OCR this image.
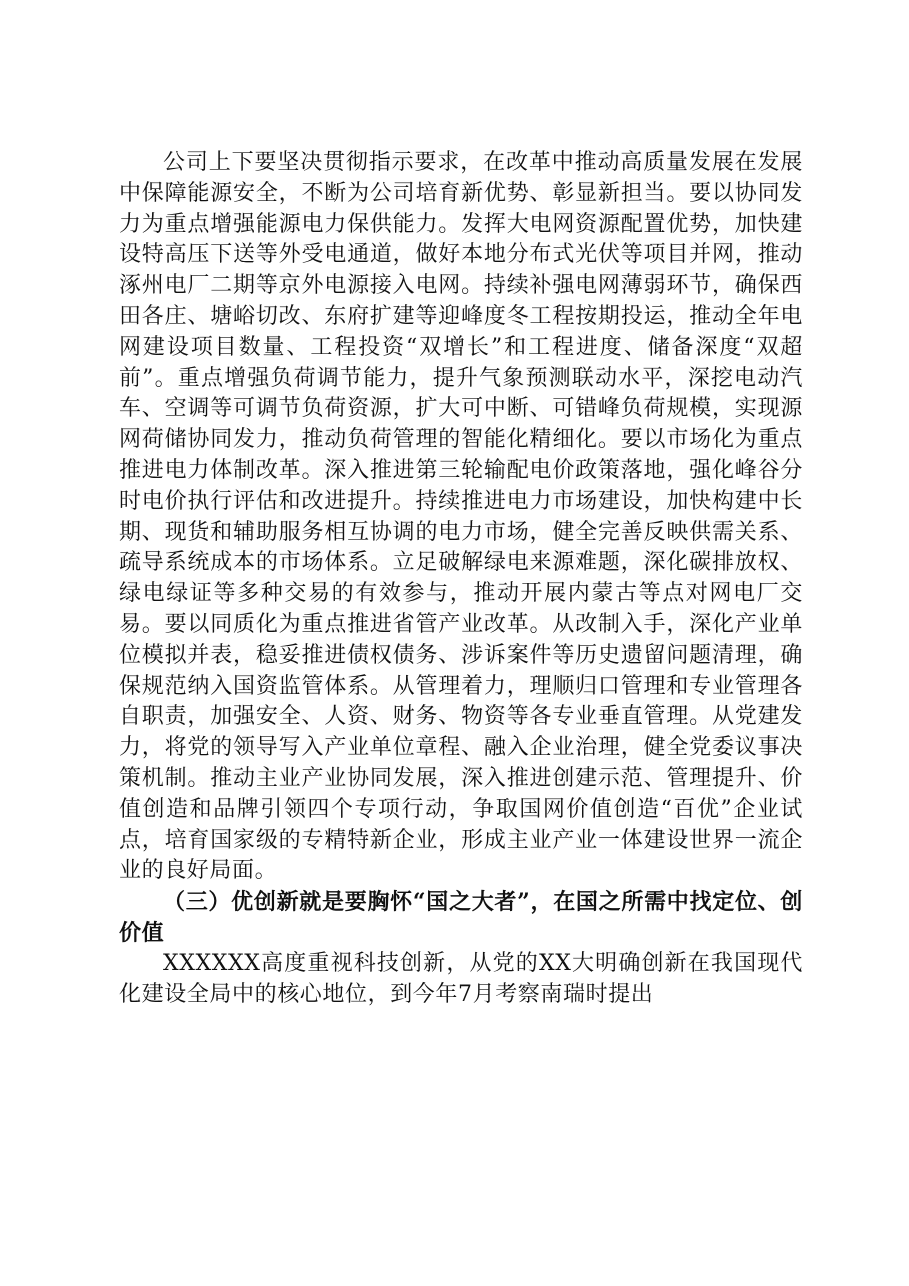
公司上下要坚决贯彻指示要求，在改革中推动高质量发展在发展中保障能源安全，不断为公司培育新优势、彰显新担当。要以协同发力为重点增强能源电力保供能力。发挥大电网资源配置优势，加快建设特高压下送等外受电通道，做好本地分布式光伏等项目并网，推动涿州电厂二期等京外电源接入电网。持续补强电网薄弱环节，确保西田各庄、塘峪切改、东府扩建等迎峰度冬工程按期投运，推动全年电网建设项目数量、工程投资“双增长”和工程进度、储备深度“双超前”。重点增强负荷调节能力，提升气象预测联动水平，深挖电动汽车、空调等可调节负荷资源，扩大可中断、可错峰负荷规模，实现源网荷储协同发力，推动负荷管理的智能化精细化。要以市场化为重点推进电力体制改革。深入推进第三轮输配电价政策落地，强化峰谷分时电价执行评估和改进提升。持续推进电力市场建设，加快构建中长期、现货和辅助服务相互协调的电力市场，健全完善反映供需关系、疏导系统成本的市场体系。立足破解绿电来源难题，深化碳排放权、绿电绿证等多种交易的有效参与，推动开展内蒙古等点对网电厂交易。要以同质化为重点推进省管产业改革。从改制入手，深化产业单位模拟并表，稳妥推进债权债务、涉诉案件等历史遗留问题清理，确保规范纳入国资监管体系。从管理着力，理顺归口管理和专业管理各自职责，加强安全、人资、财务、物资等各专业垂直管理。从党建发力，将党的领导写入产业单位章程、融入企业治理，健全党委议事决策机制。推动主业产业协同发展，深入推进创建示范、管理提升、价值创造和品牌引领四个专项行动，争取国网价值创造“百优”企业试点，培育国家级的专精特新企业，形成主业产业一体建设世界一流企业的良好局面。

（三）优创新就是要胸怀“国之大者”，在国之所需中找定位、创价值

XXXXXX高度重视科技创新，从党的XX大明确创新在我国现代化建设全局中的核心地位，到今年7月考察南瑞时提出
